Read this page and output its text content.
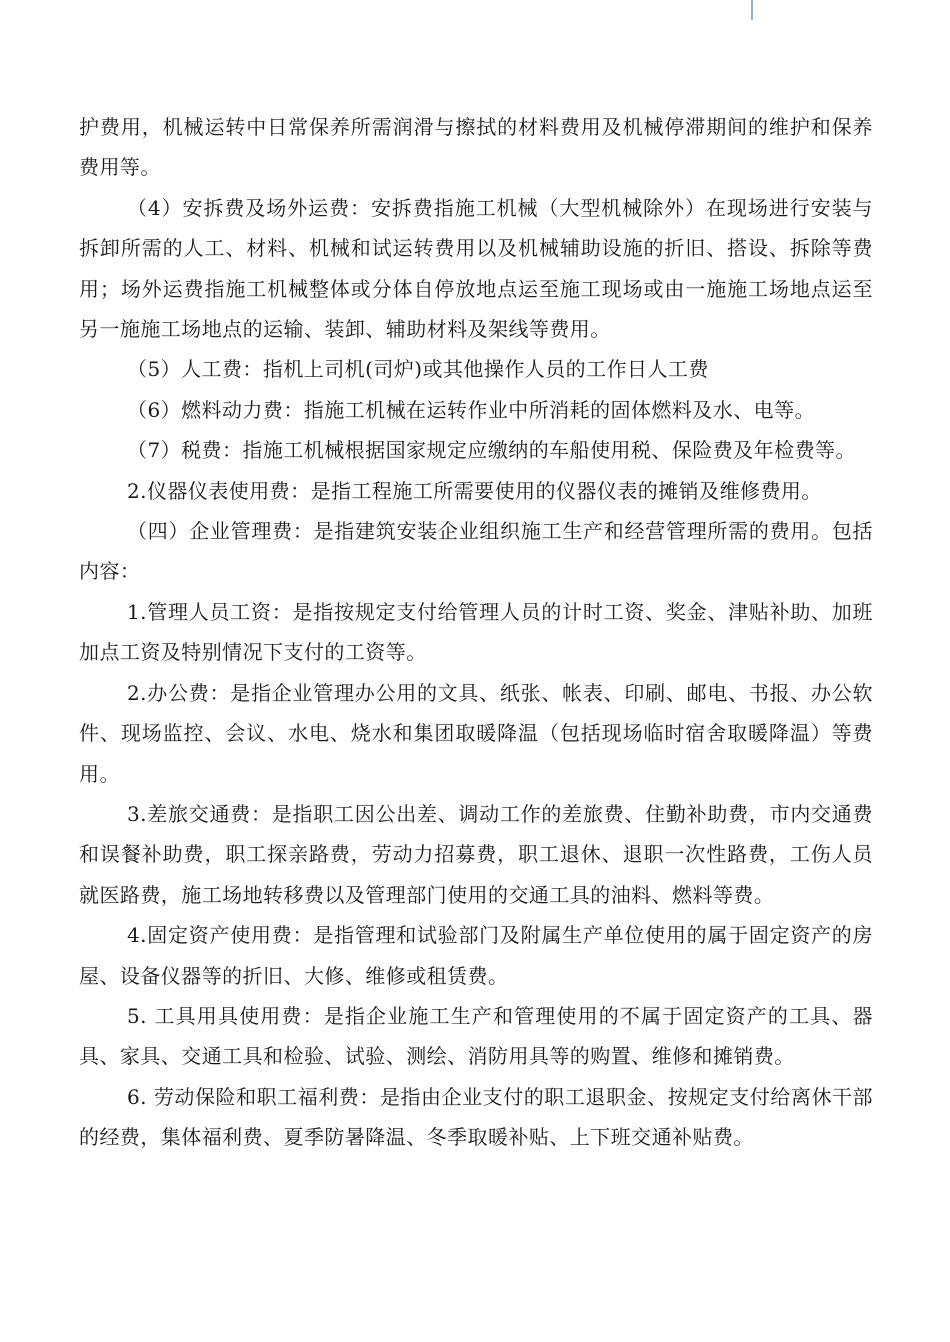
护费用，机械运转中日常保养所需润滑与擦拭的材料费用及机械停滞期间的维护和保养费用等。

（4）安拆费及场外运费：安拆费指施工机械（大型机械除外）在现场进行安装与拆卸所需的人工、材料、机械和试运转费用以及机械辅助设施的折旧、搭设、拆除等费用；场外运费指施工机械整体或分体自停放地点运至施工现场或由一施施工场地点运至另一施施工场地点的运输、装卸、辅助材料及架线等费用。

（5）人工费：指机上司机(司炉)或其他操作人员的工作日人工费

（6）燃料动力费：指施工机械在运转作业中所消耗的固体燃料及水、电等。

（7）税费：指施工机械根据国家规定应缴纳的车船使用税、保险费及年检费等。

2.仪器仪表使用费：是指工程施工所需要使用的仪器仪表的摊销及维修费用。

（四）企业管理费：是指建筑安装企业组织施工生产和经营管理所需的费用。包括内容：

1.管理人员工资：是指按规定支付给管理人员的计时工资、奖金、津贴补助、加班加点工资及特别情况下支付的工资等。

2.办公费：是指企业管理办公用的文具、纸张、帐表、印刷、邮电、书报、办公软件、现场监控、会议、水电、烧水和集团取暖降温（包括现场临时宿舍取暖降温）等费用。

3.差旅交通费：是指职工因公出差、调动工作的差旅费、住勤补助费，市内交通费和误餐补助费，职工探亲路费，劳动力招募费，职工退休、退职一次性路费，工伤人员就医路费，施工场地转移费以及管理部门使用的交通工具的油料、燃料等费。

4.固定资产使用费：是指管理和试验部门及附属生产单位使用的属于固定资产的房屋、设备仪器等的折旧、大修、维修或租赁费。

5. 工具用具使用费：是指企业施工生产和管理使用的不属于固定资产的工具、器具、家具、交通工具和检验、试验、测绘、消防用具等的购置、维修和摊销费。

6. 劳动保险和职工福利费：是指由企业支付的职工退职金、按规定支付给离休干部的经费，集体福利费、夏季防暑降温、冬季取暖补贴、上下班交通补贴费。
